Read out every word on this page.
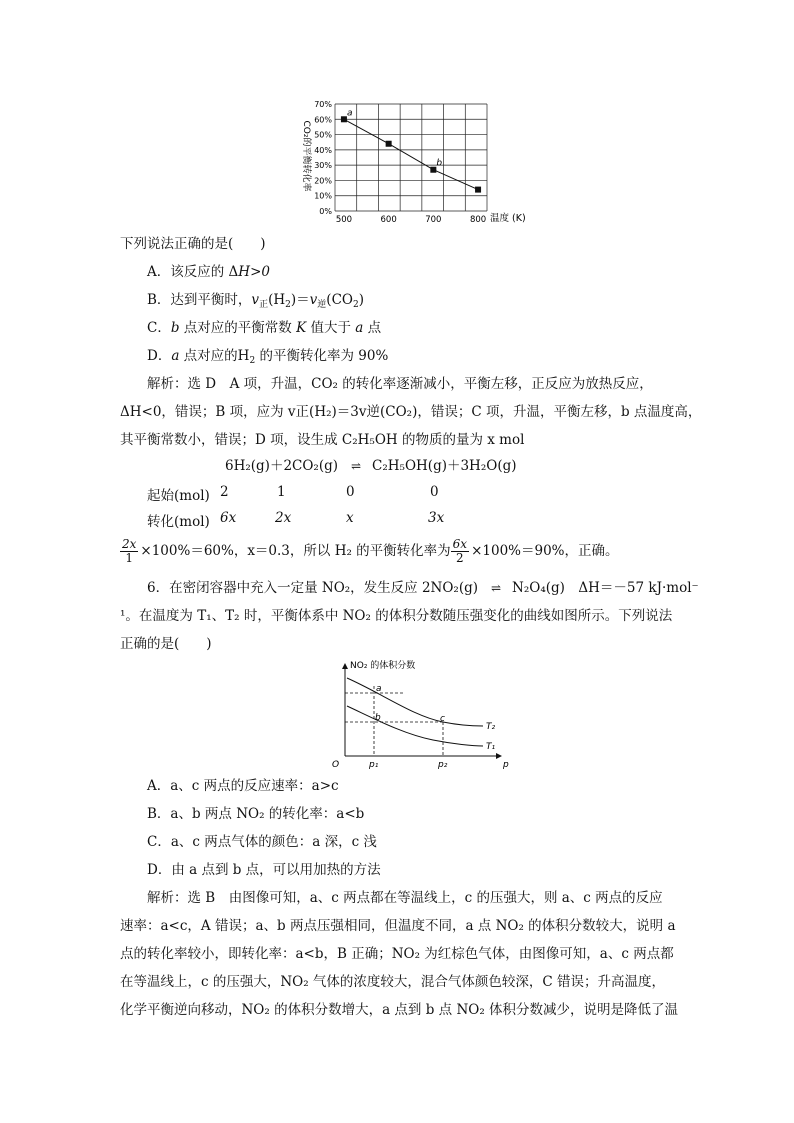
70%
60%
50%
40%
30%
20%
10%
0%
500	600	700	800
a
b
CO₂的平衡转化率
温度 (K)
下列说法正确的是(　　)
A．该反应的 ΔH>0
B．达到平衡时，$v_正(H_2)=v_逆(CO_2)$
C．b 点对应的平衡常数 K 值大于 a 点
D．a 点对应的$H_2$ 的平衡转化率为 90%
解析：选 D　A 项，升温，CO₂ 的转化率逐渐减小，平衡左移，正反应为放热反应，
ΔH<0，错误；B 项，应为 v正(H₂)＝3v逆(CO₂)，错误；C 项，升温，平衡左移，b 点温度高，
其平衡常数小，错误；D 项，设生成 C₂H₅OH 的物质的量为 x mol
6H₂(g)＋2CO₂(g) ⇌ C₂H₅OH(g)＋3H₂O(g)
起始(mol) 2	1	0	0
转化(mol) 6x	2x	x	3x
$\frac{2x}{1} \times 100\%=60\%$，x＝0.3，所以 H₂ 的平衡转化率为 $\frac{6x}{2} \times 100\%=90\%$，正确。
6．在密闭容器中充入一定量 NO₂，发生反应 2NO₂(g) ⇌ N₂O₄(g)　ΔH＝－57 kJ·mol⁻
¹。在温度为 T₁、T₂ 时，平衡体系中 NO₂ 的体积分数随压强变化的曲线如图所示。下列说法
正确的是(　　)
NO₂ 的体积分数
a
b	c
T₂
T₁
O	p₁	p₂	p
A．a、c 两点的反应速率：a>c
B．a、b 两点 NO₂ 的转化率：a<b
C．a、c 两点气体的颜色：a 深，c 浅
D．由 a 点到 b 点，可以用加热的方法
解析：选 B　由图像可知，a、c 两点都在等温线上，c 的压强大，则 a、c 两点的反应
速率：a<c，A 错误；a、b 两点压强相同，但温度不同，a 点 NO₂ 的体积分数较大，说明 a
点的转化率较小，即转化率：a<b，B 正确；NO₂ 为红棕色气体，由图像可知，a、c 两点都
在等温线上，c 的压强大，NO₂ 气体的浓度较大，混合气体颜色较深，C 错误；升高温度，
化学平衡逆向移动，NO₂ 的体积分数增大，a 点到 b 点 NO₂ 体积分数减少，说明是降低了温
